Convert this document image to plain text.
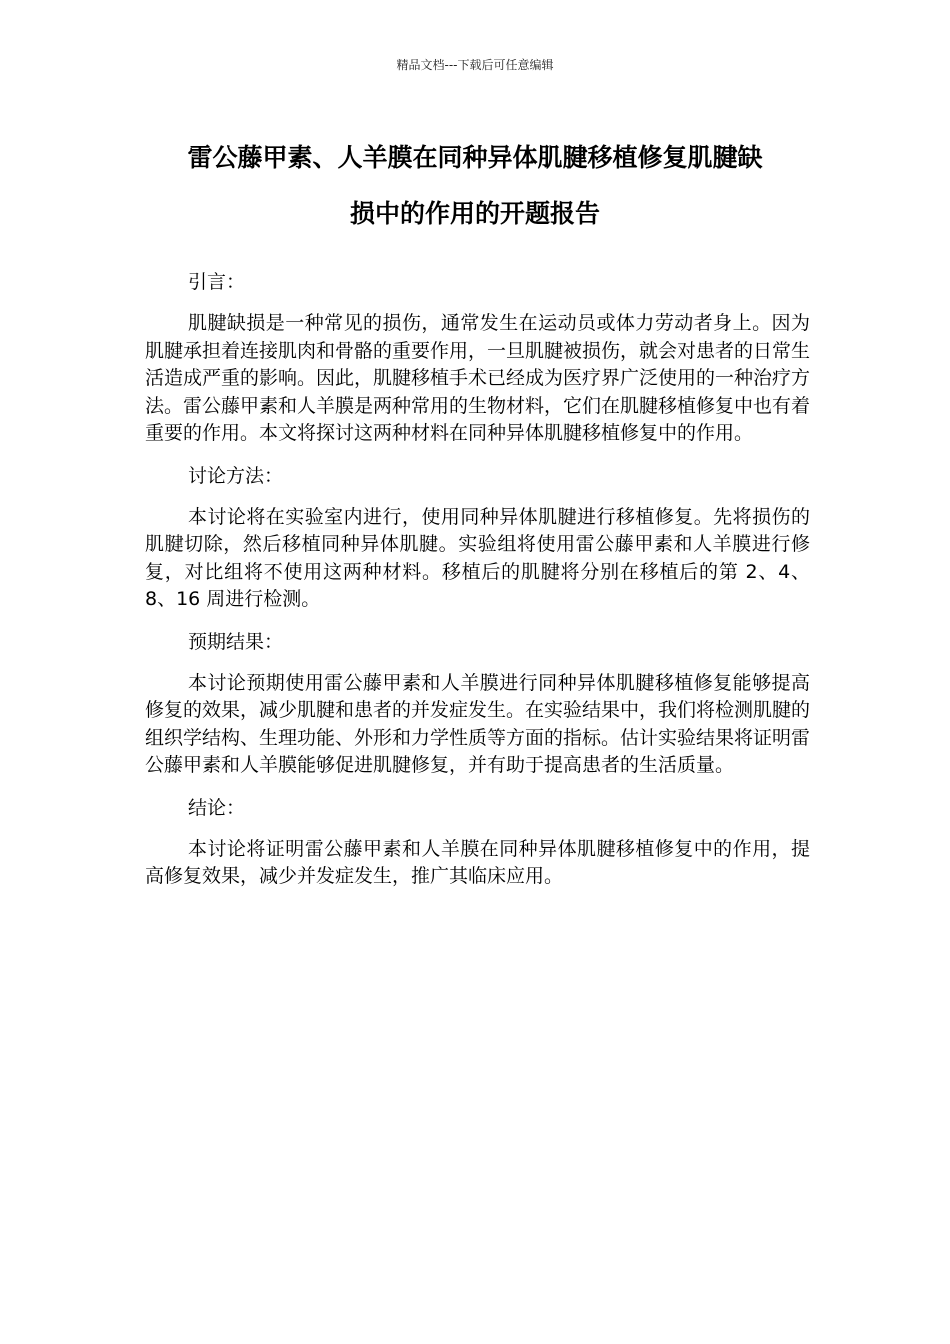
精品文档---下载后可任意编辑
雷公藤甲素、人羊膜在同种异体肌腱移植修复肌腱缺
损中的作用的开题报告

引言：

肌腱缺损是一种常见的损伤，通常发生在运动员或体力劳动者身上。因为肌腱承担着连接肌肉和骨骼的重要作用，一旦肌腱被损伤，就会对患者的日常生活造成严重的影响。因此，肌腱移植手术已经成为医疗界广泛使用的一种治疗方法。雷公藤甲素和人羊膜是两种常用的生物材料，它们在肌腱移植修复中也有着重要的作用。本文将探讨这两种材料在同种异体肌腱移植修复中的作用。

讨论方法：

本讨论将在实验室内进行，使用同种异体肌腱进行移植修复。先将损伤的肌腱切除，然后移植同种异体肌腱。实验组将使用雷公藤甲素和人羊膜进行修复，对比组将不使用这两种材料。移植后的肌腱将分别在移植后的第 2、4、8、16 周进行检测。

预期结果：

本讨论预期使用雷公藤甲素和人羊膜进行同种异体肌腱移植修复能够提高修复的效果，减少肌腱和患者的并发症发生。在实验结果中，我们将检测肌腱的组织学结构、生理功能、外形和力学性质等方面的指标。估计实验结果将证明雷公藤甲素和人羊膜能够促进肌腱修复，并有助于提高患者的生活质量。

结论：

本讨论将证明雷公藤甲素和人羊膜在同种异体肌腱移植修复中的作用，提高修复效果，减少并发症发生，推广其临床应用。
